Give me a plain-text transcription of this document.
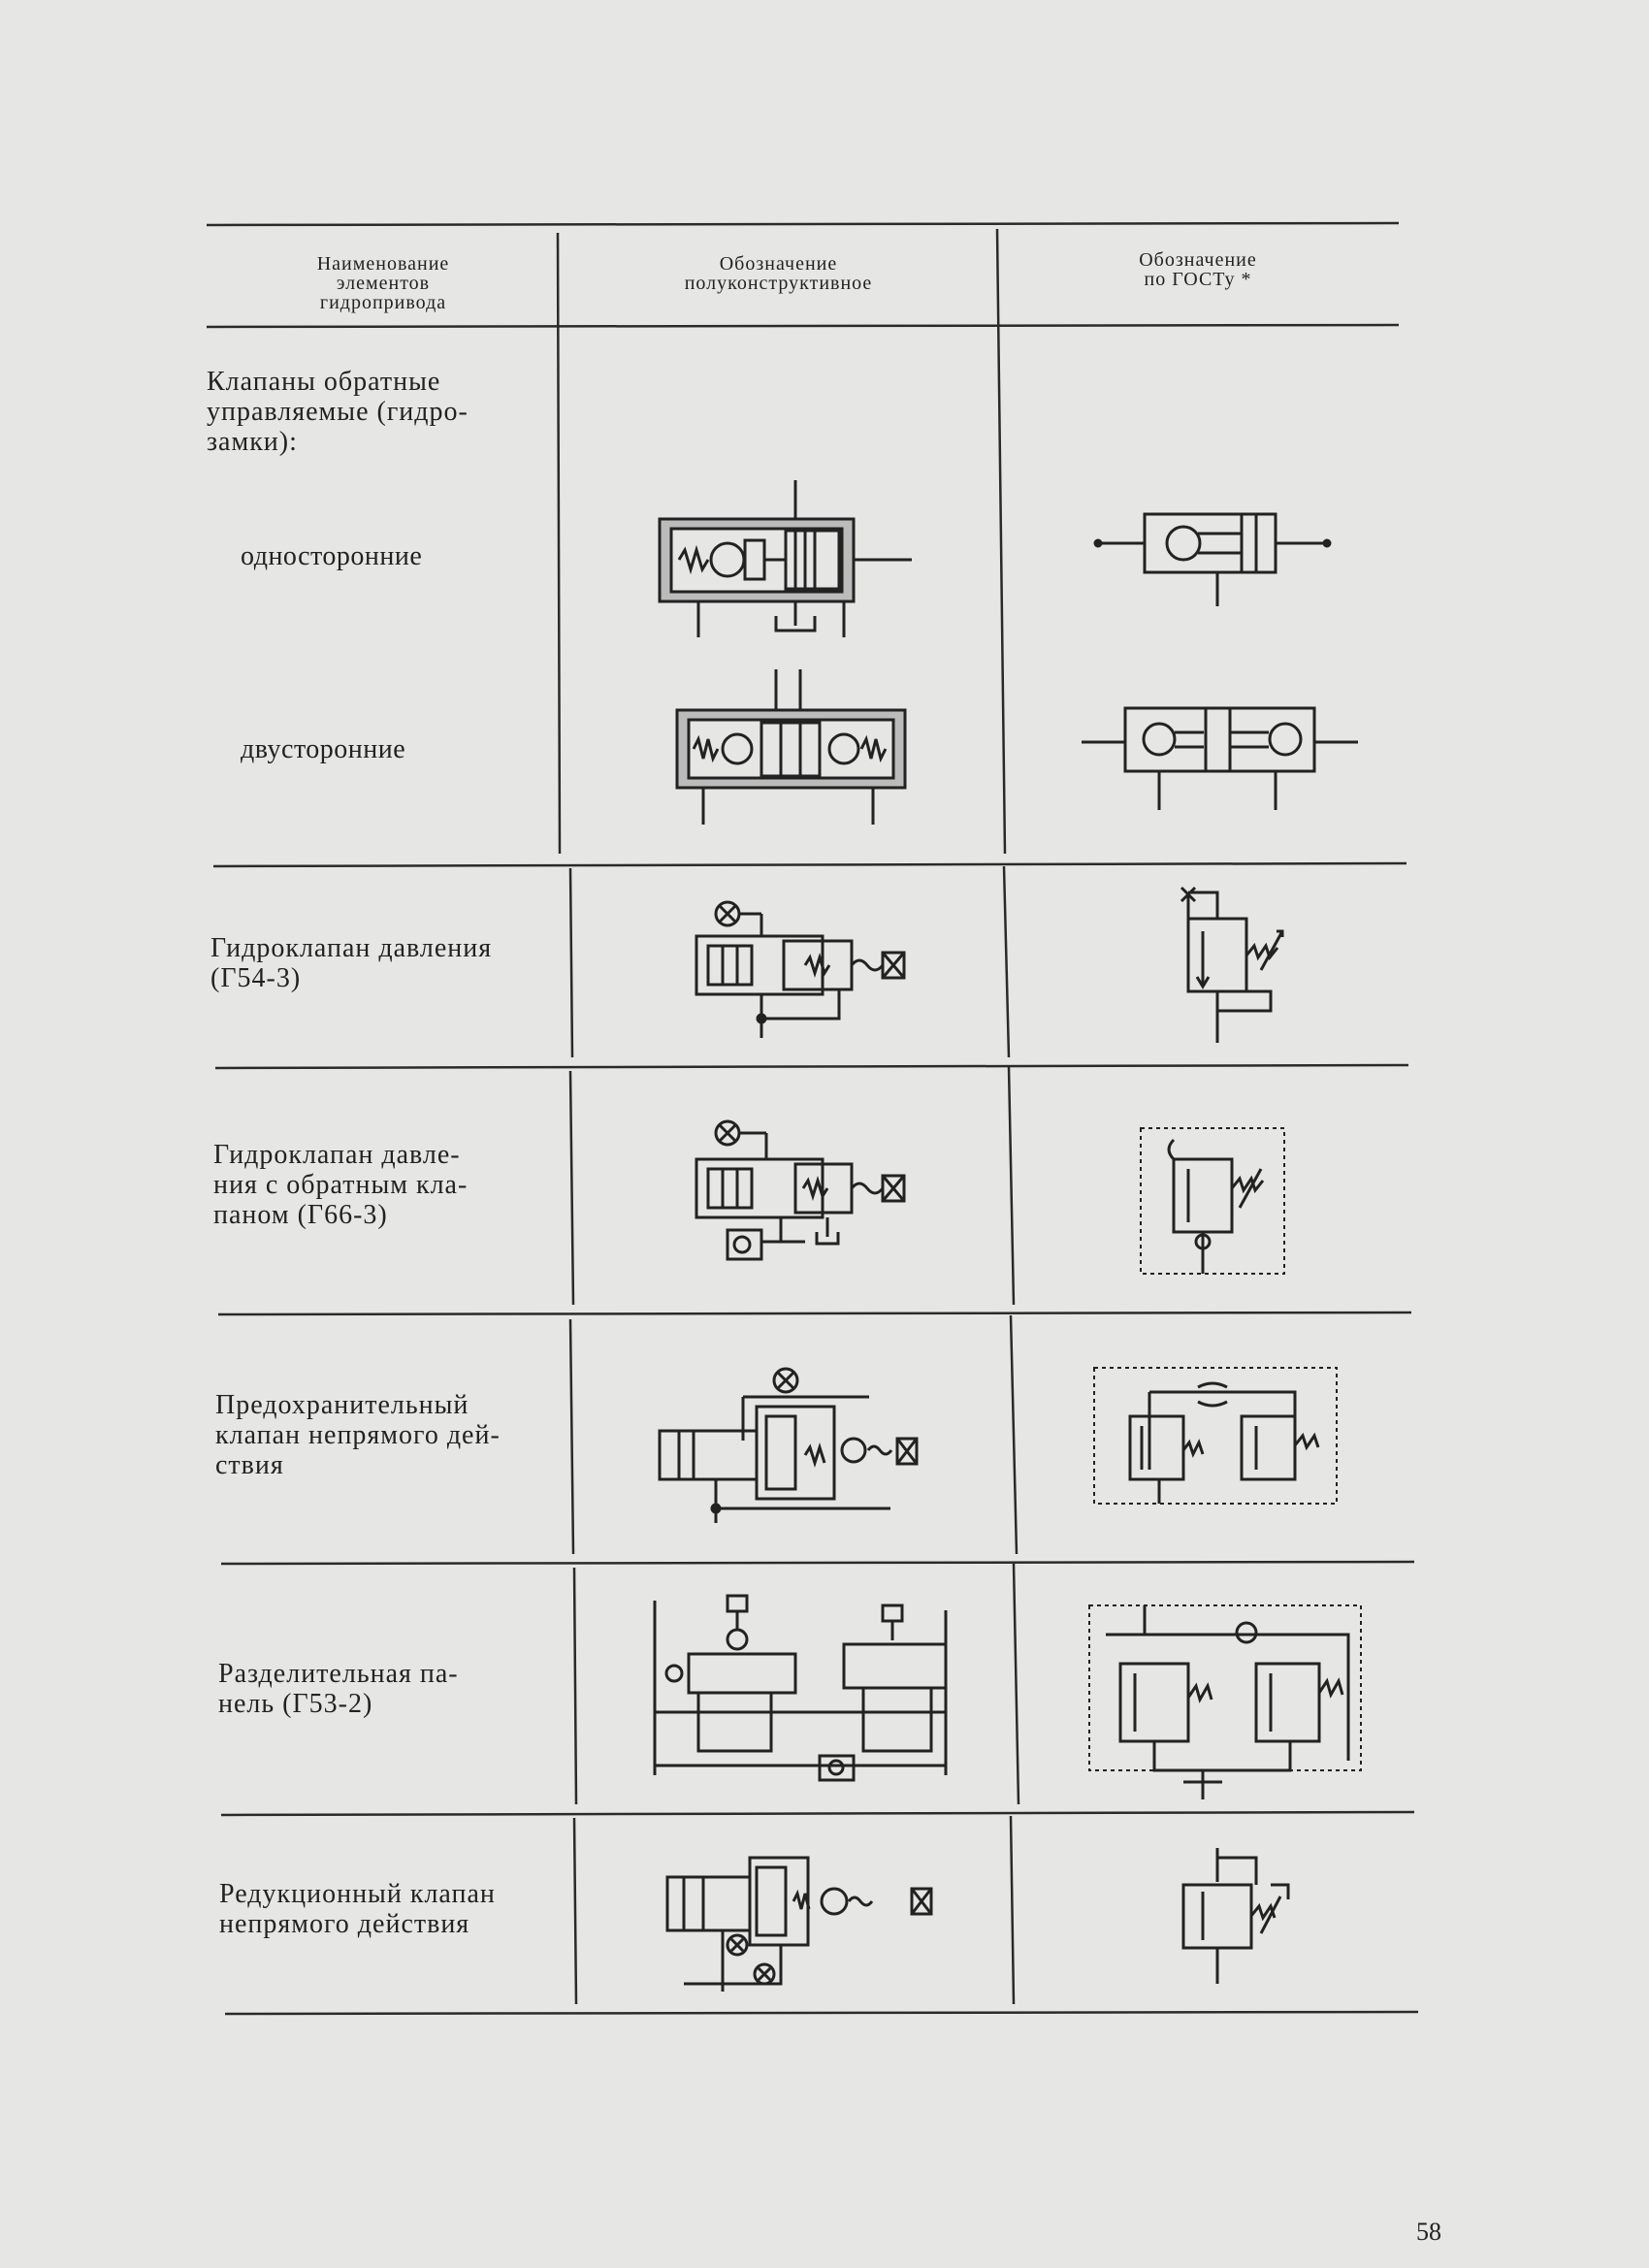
Наименование
элементов
гидропривода
Обозначение
полуконструктивное
Обозначение
по ГОСТу *
Клапаны обратные
управляемые (гидро-
замки):
односторонние
двусторонние
Гидроклапан давления
(Г54-3)
Гидроклапан давле-
ния с обратным кла-
паном (Г66-3)
Предохранительный
клапан непрямого дей-
ствия
Разделительная па-
нель (Г53-2)
Редукционный клапан
непрямого действия
58
